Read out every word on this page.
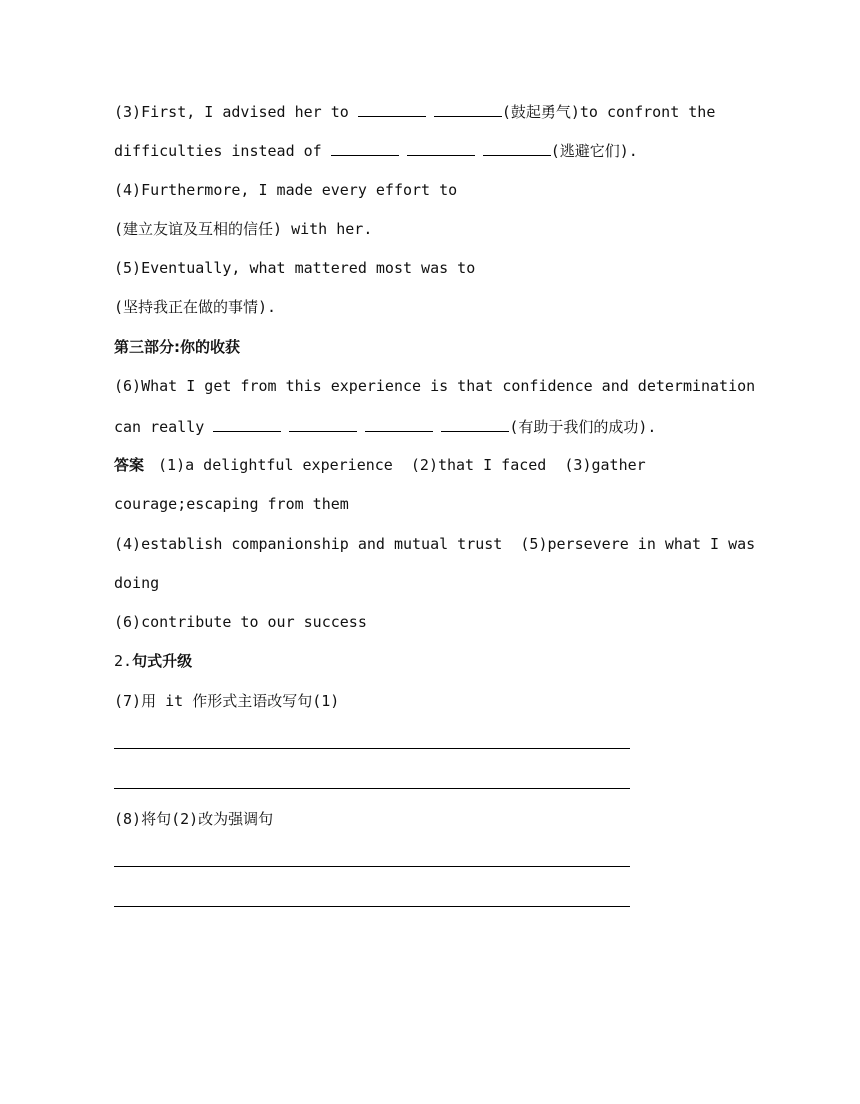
(3)First, I advised her to	(鼓起勇气)to confront the
difficulties instead of	(逃避它们).
(4)Furthermore, I made every effort to
(建立友谊及互相的信任) with her.
(5)Eventually, what mattered most was to
(坚持我正在做的事情).
第三部分:你的收获
(6)What I get from this experience is that confidence and determination
can really	(有助于我们的成功).
答案 (1)a delightful experience  (2)that I faced  (3)gather
courage;escaping from them
(4)establish companionship and mutual trust  (5)persevere in what I was
doing
(6)contribute to our success
2.句式升级
(7)用 it 作形式主语改写句(1)
(8)将句(2)改为强调句
